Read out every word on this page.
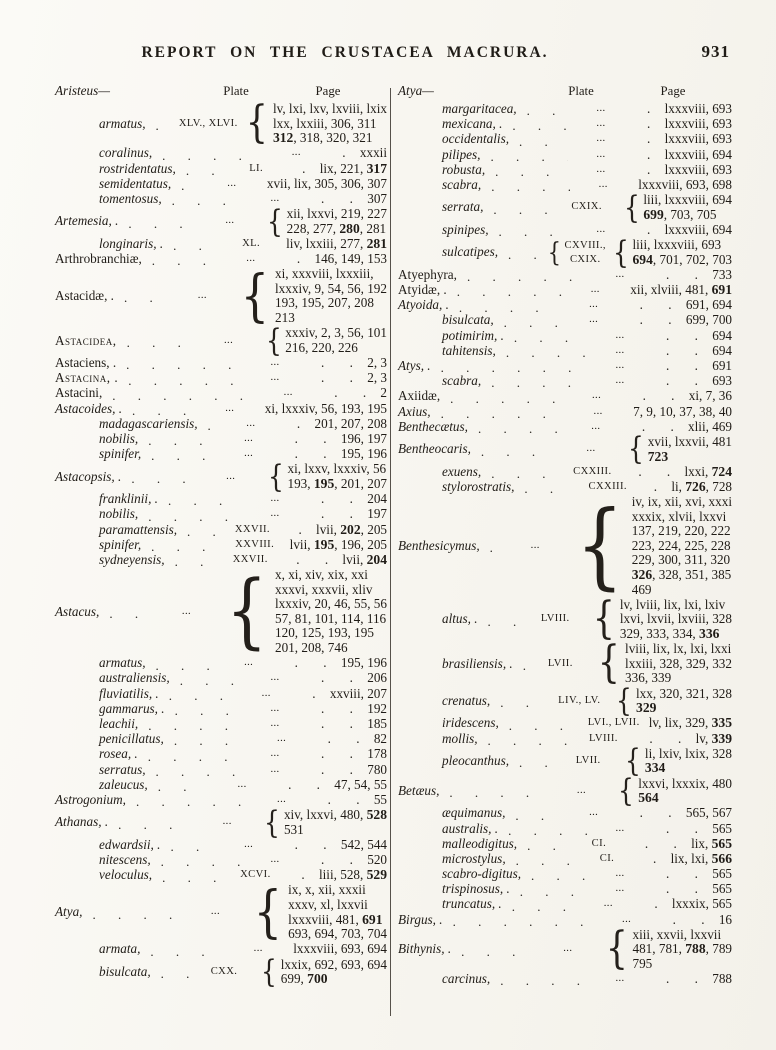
REPORT ON THE CRUSTACEA MACRURA.	931
Aristeus—	Plate	Page
armatus, . . .	XLV., XLVI. { lv, lxi, lxv, lxviii, lxix
lxx, lxxiii, 306, 311
312, 318, 320, 321
coralinus, . . .	...	. xxxii
rostridentatus, . . .	LI.	. lix, 221, 317
semidentatus, . . .	...	xvii, lix, 305, 306, 307
tomentosus, . . .	...	. . 307
Artemesia, . . . .	...	{ xii, lxxvi, 219, 227
228, 277, 280, 281
longinaris, . . . .	XL.	liv, lxxiii, 277, 281
Arthrobranchiæ, . . .	...	. 146, 149, 153
Astacidæ, . . . .	... { xi, xxxviii, lxxxiii,
lxxxiv, 9, 54, 56, 192
193, 195, 207, 208
213
Astacidea, . . .	...	{ xxxiv, 2, 3, 56, 101
216, 220, 226
Astaciens, . . . .	...	. . 2, 3
Astacina, . . . .	...	. . 2, 3
Astacini, . . .	...	. . 2
Astacoides, . . . .	...	xi, lxxxiv, 56, 193, 195
madagascariensis, . . .	...	. 201, 207, 208
nobilis, . . .	...	. . 196, 197
spinifer, . . .	...	. . 195, 196
Astacopsis, . . . .	...	{ xi, lxxv, lxxxiv, 56
193, 195, 201, 207
franklinii, . . . .	...	. . 204
nobilis, . . .	...	. . 197
paramattensis, . . .	XXVII.	. lvii, 202, 205
spinifer, . . .	XXVIII.	lvii, 195, 196, 205
sydneyensis, . . .	XXVII.	. . lvii, 204
Astacus, . . .	... { x, xi, xiv, xix, xxi
xxxvi, xxxvii, xliv
lxxxiv, 20, 46, 55, 56
57, 81, 101, 114, 116
120, 125, 193, 195
201, 208, 746
armatus, . . .	...	. . 195, 196
australiensis, . . .	...	. . 206
fluviatilis, . . . .	...	. xxviii, 207
gammarus, . . . .	...	. . 192
leachii, . . .	...	. . 185
penicillatus, . . .	...	. . 82
rosea, . . . .	...	. . 178
serratus, . . .	...	. . 780
zaleucus, . . .	...	. . 47, 54, 55
Astrogonium, . . .	...	. . 55
Athanas, . . . .	...	{ xiv, lxxvi, 480, 528
531
edwardsii, . . . .	...	. . 542, 544
nitescens, . . .	...	. . 520
veloculus, . . .	XCVI.	. liii, 528, 529
Atya, . . .	... { ix, x, xii, xxxii
xxxv, xl, lxxvii
lxxxviii, 481, 691
693, 694, 703, 704
armata, . . .	...	lxxxviii, 693, 694
bisulcata, . . .	CXX. { lxxix, 692, 693, 694
699, 700
Atya—	Plate	Page
margaritacea, . . .	...	. lxxxviii, 693
mexicana, . . . .	...	. lxxxviii, 693
occidentalis, . . .	...	. lxxxviii, 693
pilipes, . . .	...	. lxxxviii, 694
robusta, . . .	...	. lxxxviii, 693
scabra, . . .	...	lxxxviii, 693, 698
serrata, . . .	CXIX. { liii, lxxxviii, 694
699, 703, 705
spinipes, . . .	...	. lxxxviii, 694
sulcatipes, . . . { CXVIII.,
CXIX. { liii, lxxxviii, 693
694, 701, 702, 703
Atyephyra, . . .	...	. . 733
Atyidæ, . . . .	...	xii, xlviii, 481, 691
Atyoida, . . . .	...	. . 691, 694
bisulcata, . . .	...	. . 699, 700
potimirim, . . . .	...	. . 694
tahitensis, . . .	...	. . 694
Atys, . . . .	...	. . 691
scabra, . . .	...	. . 693
Axiidæ, . . .	...	. . xi, 7, 36
Axius, . . .	...	7, 9, 10, 37, 38, 40
Benthecætus, . . .	...	. . xlii, 469
Bentheocaris, . . .	...	{ xvii, lxxvii, 481
723
exuens, . . .	CXXIII.	. . lxxi, 724
stylorostratis, . . .	CXXIII.	. li, 726, 728
Benthesicymus, . . .	... { iv, ix, xii, xvi, xxxi
xxxix, xlvii, lxxvi
137, 219, 220, 222
223, 224, 225, 228
229, 300, 311, 320
326, 328, 351, 385
469
altus, . . . .	LVIII. { lv, lviii, lix, lxi, lxiv
lxvi, lxvii, lxviii, 328
329, 333, 334, 336
brasiliensis, . . . .	LVII. { lviii, lix, lx, lxi, lxxi
lxxiii, 328, 329, 332
336, 339
crenatus, . . .	LIV., LV. { lxx, 320, 321, 328
329
iridescens, . . .	LVI., LVII. lv, lix, 329, 335
mollis, . . .	LVIII.	. . lv, 339
pleocanthus, . . .	LVII. { li, lxiv, lxix, 328
334
Betæus, . . .	...	{ lxxvi, lxxxix, 480
564
æquimanus, . . .	...	. . 565, 567
australis, . . . .	...	. . 565
malleodigitus, . . .	CI.	. . lix, 565
microstylus, . . .	CI.	. lix, lxi, 566
scabro-digitus, . . .	...	. . 565
trispinosus, . . . .	...	. . 565
truncatus, . . . .	...	. lxxxix, 565
Birgus, . . . .	...	. . 16
Bithynis, . . . .	... { xiii, xxvii, lxxvii
481, 781, 788, 789
795
carcinus, . . .	...	. . 788
